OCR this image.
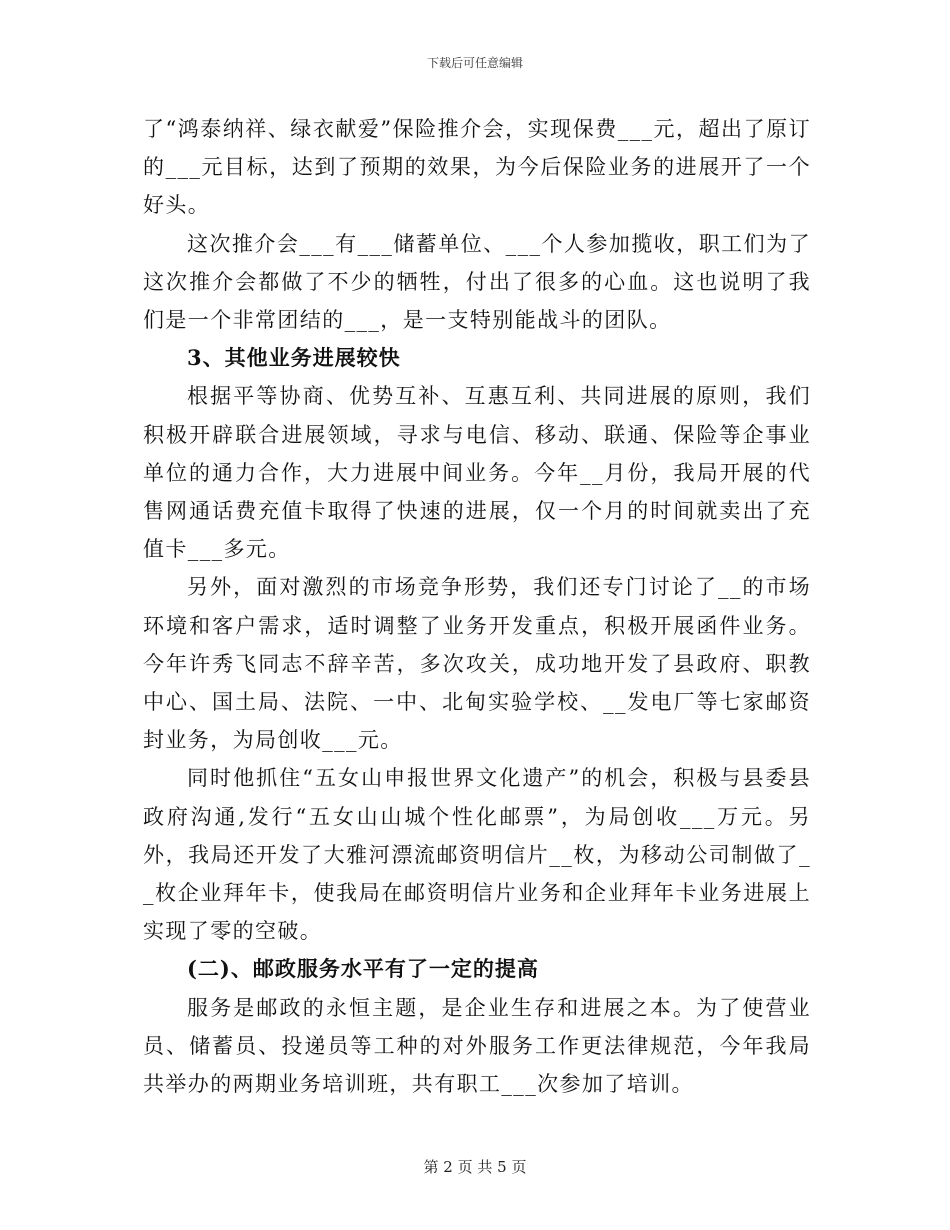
下载后可任意编辑

了“鸿泰纳祥、绿衣献爱”保险推介会，实现保费___元，超出了原订的___元目标，达到了预期的效果，为今后保险业务的进展开了一个好头。

这次推介会___有___储蓄单位、___个人参加揽收，职工们为了这次推介会都做了不少的牺牲，付出了很多的心血。这也说明了我们是一个非常团结的___，是一支特别能战斗的团队。

3、其他业务进展较快

根据平等协商、优势互补、互惠互利、共同进展的原则，我们积极开辟联合进展领域，寻求与电信、移动、联通、保险等企事业单位的通力合作，大力进展中间业务。今年__月份，我局开展的代售网通话费充值卡取得了快速的进展，仅一个月的时间就卖出了充值卡___多元。

另外，面对激烈的市场竞争形势，我们还专门讨论了__的市场环境和客户需求，适时调整了业务开发重点，积极开展函件业务。今年许秀飞同志不辞辛苦，多次攻关，成功地开发了县政府、职教中心、国土局、法院、一中、北甸实验学校、__发电厂等七家邮资封业务，为局创收___元。

同时他抓住“五女山申报世界文化遗产”的机会，积极与县委县政府沟通,发行“五女山山城个性化邮票”，为局创收___万元。另外，我局还开发了大雅河漂流邮资明信片__枚，为移动公司制做了__枚企业拜年卡，使我局在邮资明信片业务和企业拜年卡业务进展上实现了零的空破。

(二)、邮政服务水平有了一定的提高

服务是邮政的永恒主题，是企业生存和进展之本。为了使营业员、储蓄员、投递员等工种的对外服务工作更法律规范，今年我局共举办的两期业务培训班，共有职工___次参加了培训。

第 2 页 共 5 页
